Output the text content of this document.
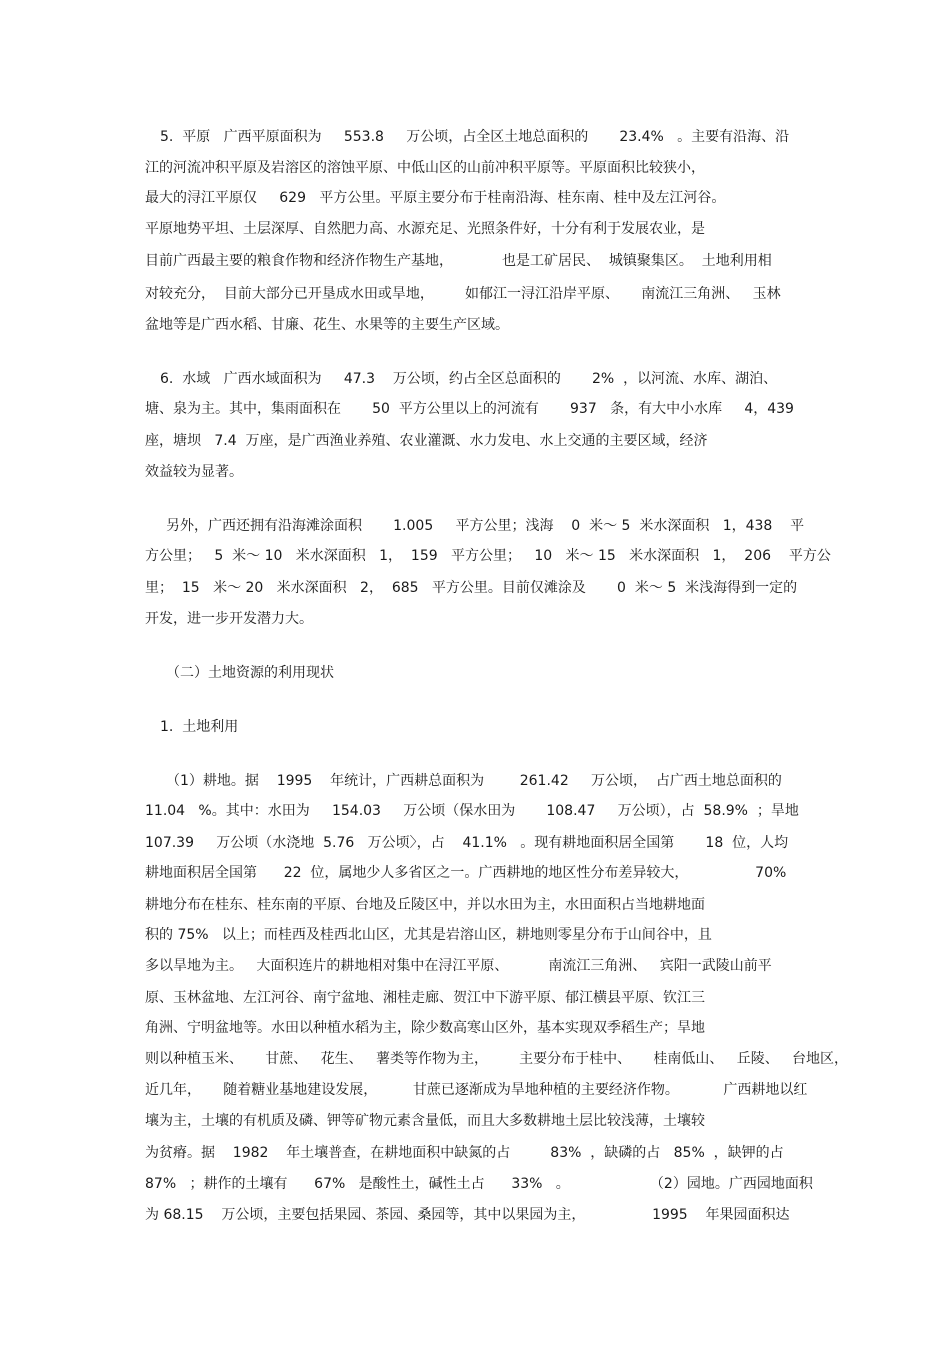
5.  平原   广西平原面积为     553.8     万公顷，占全区土地总面积的       23.4%   。主要有沿海、沿
江的河流冲积平原及岩溶区的溶蚀平原、中低山区的山前冲积平原等。平原面积比较狭小，
最大的浔江平原仅     629   平方公里。平原主要分布于桂南沿海、桂东南、桂中及左江河谷。
平原地势平坦、土层深厚、自然肥力高、水源充足、光照条件好，十分有利于发展农业，是
目前广西最主要的粮食作物和经济作物生产基地，           也是工矿居民、  城镇聚集区。  土地利用相
对较充分，  目前大部分已开垦成水田或旱地，       如郁江一浔江沿岸平原、     南流江三角洲、   玉林
盆地等是广西水稻、甘廉、花生、水果等的主要生产区域。
6.  水域   广西水域面积为     47.3    万公顷，约占全区总面积的       2%  ，以河流、水库、湖泊、
塘、泉为主。其中，集雨面积在       50  平方公里以上的河流有       937   条，有大中小水库     4，439
座，塘坝   7.4  万座，是广西渔业养殖、农业灌溉、水力发电、水上交通的主要区域，经济
效益较为显著。
另外，广西还拥有沿海滩涂面积       1.005     平方公里；浅海    0  米～ 5  米水深面积   1，438    平
方公里；   5  米～ 10   米水深面积   1，  159   平方公里；   10   米～ 15   米水深面积   1，  206    平方公
里；  15   米～ 20   米水深面积   2，  685   平方公里。目前仅滩涂及       0  米～ 5  米浅海得到一定的
开发，进一步开发潜力大。
（二）土地资源的利用现状
1.  土地利用
（1）耕地。据    1995    年统计，广西耕总面积为        261.42     万公顷，  占广西土地总面积的
11.04   %。其中：水田为     154.03     万公顷（保水田为       108.47     万公顷），占  58.9%  ；旱地
107.39     万公顷（水浇地  5.76   万公顷〉，占    41.1%   。现有耕地面积居全国第       18  位，人均
耕地面积居全国第      22  位，属地少人多省区之一。广西耕地的地区性分布差异较大，               70%
耕地分布在桂东、桂东南的平原、台地及丘陵区中，并以水田为主，水田面积占当地耕地面
积的 75%   以上；而桂西及桂西北山区，尤其是岩溶山区，耕地则零星分布于山间谷中，且
多以旱地为主。   大面积连片的耕地相对集中在浔江平原、         南流江三角洲、   宾阳一武陵山前平
原、玉林盆地、左江河谷、南宁盆地、湘桂走廊、贺江中下游平原、郁江横县平原、钦江三
角洲、宁明盆地等。水田以种植水稻为主，除少数高寒山区外，基本实现双季稻生产；旱地
则以种植玉米、     甘蔗、   花生、   薯类等作物为主，       主要分布于桂中、     桂南低山、   丘陵、   台地区，
近几年，     随着糖业基地建设发展，        甘蔗已逐渐成为旱地种植的主要经济作物。          广西耕地以红
壤为主，土壤的有机质及磷、钾等矿物元素含量低，而且大多数耕地土层比较浅薄，土壤较
为贫瘠。据    1982    年土壤普查，在耕地面积中缺氮的占         83%  ，缺磷的占   85%  ，缺钾的占
87%   ；耕作的土壤有      67%   是酸性土，碱性土占      33%   。                  （2）园地。广西园地面积
为 68.15    万公顷，主要包括果园、茶园、桑园等，其中以果园为主，               1995    年果园面积达
